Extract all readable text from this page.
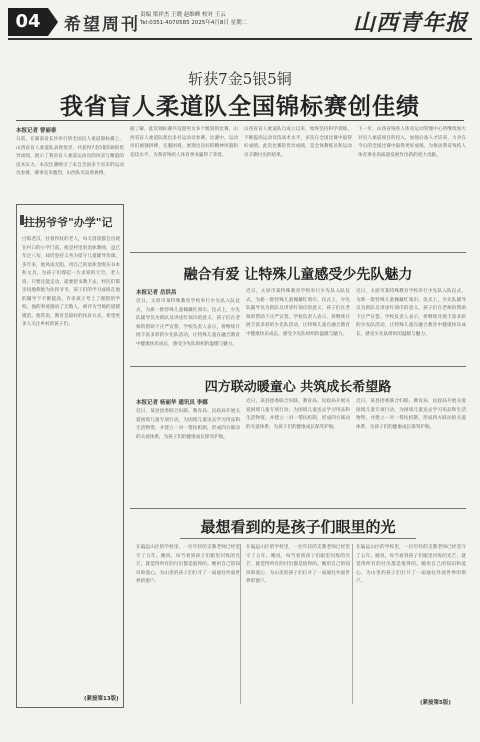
04	希望周刊 责编 梁祥杰 王晓 赵维峰 校对 王云
Tel:0351-4070585 2025年4月8日 星期二	山西青年报
斩获7金5银5铜
我省盲人柔道队全国锦标赛创佳绩
本报记者 曾丽泰
日前，在湖南省长沙举行的全国盲人柔道锦标赛上，山西省盲人柔道队表现优异，共获得7金5银5铜的优异成绩，展示了我省盲人柔道运动员的风采与精湛的技术实力。本次比赛吸引了来自全国多个省市的运动员参赛，赛事竞争激烈，山西队员奋勇拼搏。
据了解，此次锦标赛共设置男女多个级别的比赛，山西省盲人柔道队派出多名运动员参赛。比赛中，运动员们顽强拼搏，克服困难，展现出良好的精神风貌和竞技水平，为我省残疾人体育事业赢得了荣誉。
山西省盲人柔道队自成立以来，始终坚持科学训练，不断提高运动员技战术水平，多次在全国比赛中取得好成绩。此次比赛的优异成绩，是全体教练员和运动员辛勤付出的结果。
下一步，山西省残疾人体育运动管理中心将继续加大对盲人柔道项目的投入，加强后备人才培养，力争在今后的全国比赛中取得更好成绩，为推动我省残疾人体育事业高质量发展作出新的更大贡献。
拄拐爷爷"办学"记
白髯老汉，拄着拐杖的老人，每天清晨都会出现在村口的小学门前。他是村里的退休教师，虽已年过八旬，却仍坚持义务为留守儿童辅导功课。多年来，他风雨无阻，用自己的退休金购买书本和文具，为孩子们撑起一片求知的天空。老人说，只要还能走动，就要把书教下去。村民们都亲切地称他为拄拐爷爷，孩子们的学习成绩在他的辅导下不断提高，许多孩子考上了理想的学校。他的事迹感动了无数人，被评为当地的道德模范。他常说，教育是最好的扶贫方式，希望更多人关注乡村的孩子们。
(紧接第13版)
融合有爱 让特殊儿童感受少先队魅力
本报记者 岳洪昌
近日，太原市某特殊教育学校举行少先队入队仪式，为新一批特殊儿童佩戴红领巾。仪式上，少先队辅导员为新队员讲述红领巾的意义，孩子们在老师的帮助下庄严宣誓。学校负责人表示，将继续开展丰富多彩的少先队活动，让特殊儿童在融合教育中健康快乐成长，感受少先队组织的温暖与魅力。
近日，太原市某特殊教育学校举行少先队入队仪式，为新一批特殊儿童佩戴红领巾。仪式上，少先队辅导员为新队员讲述红领巾的意义，孩子们在老师的帮助下庄严宣誓。学校负责人表示，将继续开展丰富多彩的少先队活动，让特殊儿童在融合教育中健康快乐成长，感受少先队组织的温暖与魅力。
近日，太原市某特殊教育学校举行少先队入队仪式，为新一批特殊儿童佩戴红领巾。仪式上，少先队辅导员为新队员讲述红领巾的意义，孩子们在老师的帮助下庄严宣誓。学校负责人表示，将继续开展丰富多彩的少先队活动，让特殊儿童在融合教育中健康快乐成长，感受少先队组织的温暖与魅力。
四方联动暖童心 共筑成长希望路
本报记者 杨丽华 通讯员 李娜
近日，某县团委联合妇联、教育局、民政局开展关爱困境儿童专项行动，为困境儿童送去学习用品和生活物资，并建立一对一帮扶机制，形成四方联动的关爱体系，为孩子们的健康成长保驾护航。
近日，某县团委联合妇联、教育局、民政局开展关爱困境儿童专项行动，为困境儿童送去学习用品和生活物资，并建立一对一帮扶机制，形成四方联动的关爱体系，为孩子们的健康成长保驾护航。
近日，某县团委联合妇联、教育局、民政局开展关爱困境儿童专项行动，为困境儿童送去学习用品和生活物资，并建立一对一帮扶机制，形成四方联动的关爱体系，为孩子们的健康成长保驾护航。
最想看到的是孩子们眼里的光
在偏远山区的学校里，一位年轻的支教老师已经坚守了五年。她说，每当看到孩子们眼里闪烁的光芒，就觉得所有的付出都是值得的。她用自己的知识和爱心，为山里的孩子们打开了一扇通往外面世界的窗户。
在偏远山区的学校里，一位年轻的支教老师已经坚守了五年。她说，每当看到孩子们眼里闪烁的光芒，就觉得所有的付出都是值得的。她用自己的知识和爱心，为山里的孩子们打开了一扇通往外面世界的窗户。
在偏远山区的学校里，一位年轻的支教老师已经坚守了五年。她说，每当看到孩子们眼里闪烁的光芒，就觉得所有的付出都是值得的。她用自己的知识和爱心，为山里的孩子们打开了一扇通往外面世界的窗户。
(紧接第5版)
